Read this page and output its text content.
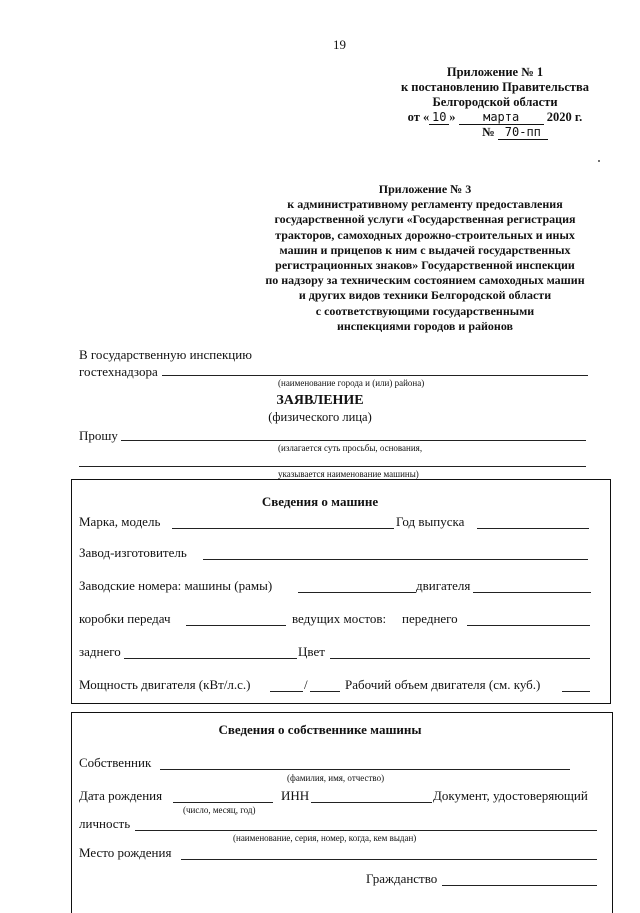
19
Приложение № 1
к постановлению Правительства
Белгородской области
от « 10 » марта 2020 г.
№ 70-пп
Приложение № 3
к административному регламенту предоставления
государственной услуги «Государственная регистрация
тракторов, самоходных дорожно-строительных и иных
машин и прицепов к ним с выдачей государственных
регистрационных знаков» Государственной инспекции
по надзору за техническим состоянием самоходных машин
и других видов техники Белгородской области
с соответствующими государственными
инспекциями городов и районов
В государственную инспекцию
гостехнадзора
(наименование города и (или) района)
ЗАЯВЛЕНИЕ
(физического лица)
Прошу
(излагается суть просьбы, основания,
указывается наименование машины)
Сведения о машине
Марка, модель	Год выпуска
Завод-изготовитель
Заводские номера: машины (рамы)	двигателя
коробки передач	ведущих мостов: переднего
заднего	Цвет
Мощность двигателя (кВт/л.с.)	/	Рабочий объем двигателя (см. куб.)
Сведения о собственнике машины
Собственник
(фамилия, имя, отчество)
Дата рождения	ИНН	Документ, удостоверяющий
(число, месяц, год)
личность
(наименование, серия, номер, когда, кем выдан)
Место рождения
Гражданство
